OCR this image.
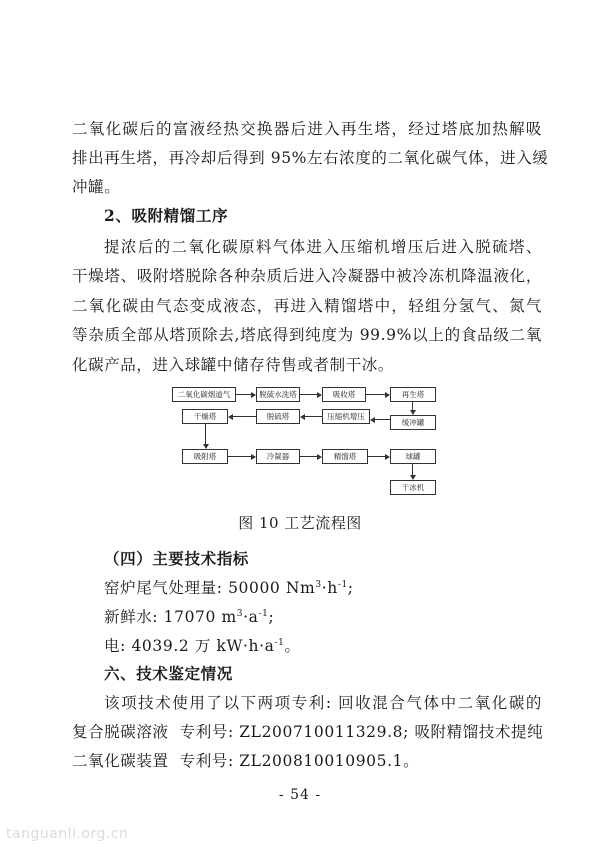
二氧化碳后的富液经热交换器后进入再生塔，经过塔底加热解吸
排出再生塔，再冷却后得到 95%左右浓度的二氧化碳气体，进入缓
冲罐。
2、吸附精馏工序
提浓后的二氧化碳原料气体进入压缩机增压后进入脱硫塔、
干燥塔、吸附塔脱除各种杂质后进入冷凝器中被冷冻机降温液化，
二氧化碳由气态变成液态，再进入精馏塔中，轻组分氢气、氮气
等杂质全部从塔顶除去,塔底得到纯度为 99.9%以上的食品级二氧
化碳产品，进入球罐中储存待售或者制干冰。
二氧化碳烟道气	脱硫水洗塔	吸收塔	再生塔
缓冲罐
压缩机增压
脱硫塔
干燥塔
吸附塔	冷凝器	精馏塔	球罐
干冰机
图 10 工艺流程图
（四）主要技术指标
窑炉尾气处理量: 50000 $Nm^3\cdot h^{-1}$;
新鲜水: 17070 $m^3\cdot a^{-1}$;
电: 4039.2 万 $kW\cdot h\cdot a^{-1}$。
六、技术鉴定情况
该项技术使用了以下两项专利: 回收混合气体中二氧化碳的
复合脱碳溶液  专利号: ZL200710011329.8; 吸附精馏技术提纯
二氧化碳装置  专利号: ZL200810010905.1。
- 54 -
tanguanli.org.cn
